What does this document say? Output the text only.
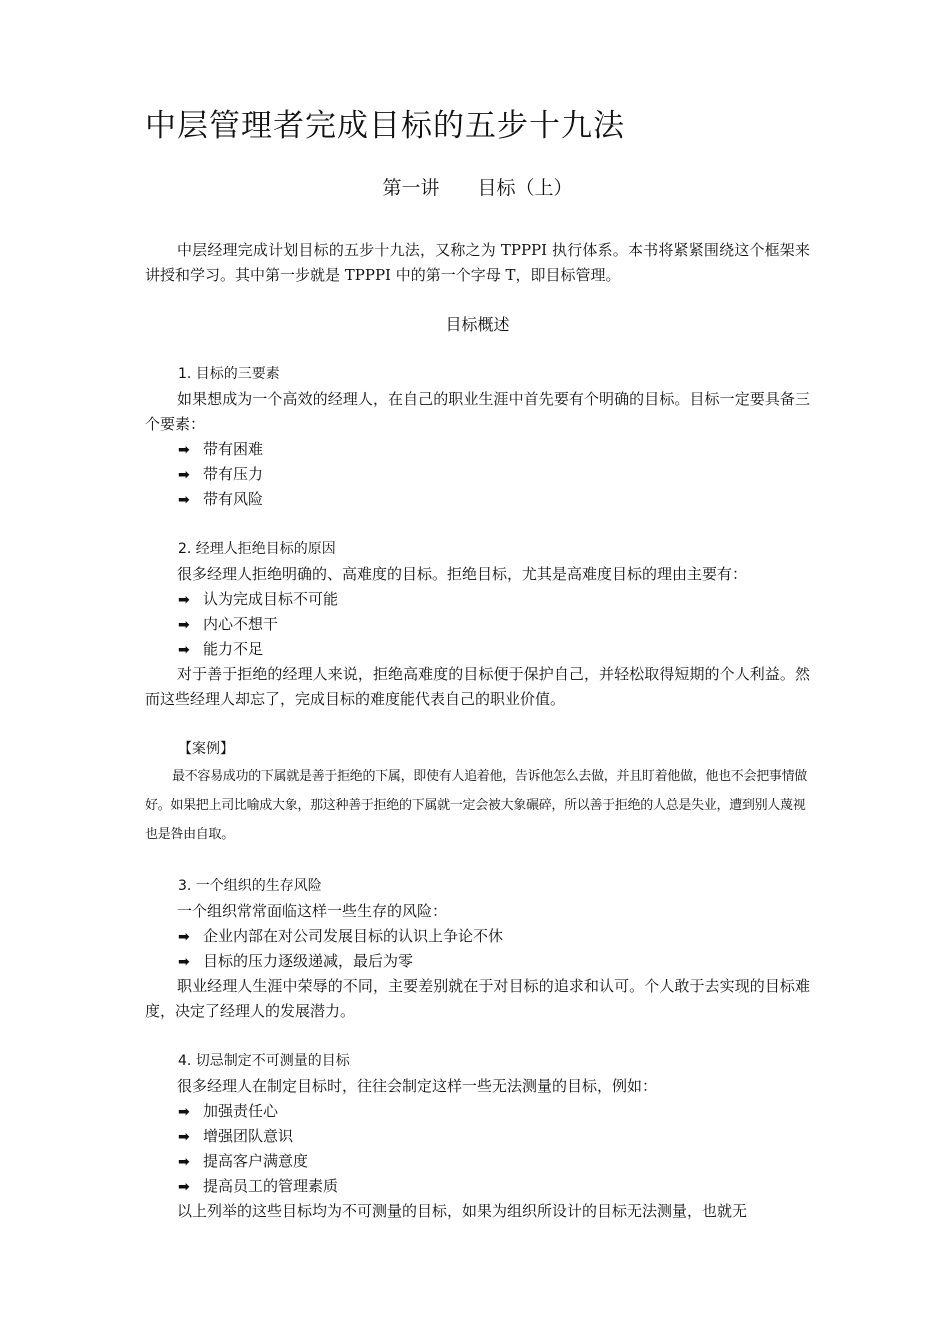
中层管理者完成目标的五步十九法
第一讲　　目标（上）

中层经理完成计划目标的五步十九法，又称之为 TPPPI 执行体系。本书将紧紧围绕这个框架来讲授和学习。其中第一步就是 TPPPI 中的第一个字母 T，即目标管理。

目标概述
1. 目标的三要素

如果想成为一个高效的经理人，在自己的职业生涯中首先要有个明确的目标。目标一定要具备三个要素：

➡ 带有困难
➡ 带有压力
➡ 带有风险
2. 经理人拒绝目标的原因

很多经理人拒绝明确的、高难度的目标。拒绝目标，尤其是高难度目标的理由主要有：

➡ 认为完成目标不可能
➡ 内心不想干
➡ 能力不足

对于善于拒绝的经理人来说，拒绝高难度的目标便于保护自己，并轻松取得短期的个人利益。然而这些经理人却忘了，完成目标的难度能代表自己的职业价值。

【案例】

最不容易成功的下属就是善于拒绝的下属，即使有人追着他，告诉他怎么去做，并且盯着他做，他也不会把事情做好。如果把上司比喻成大象，那这种善于拒绝的下属就一定会被大象碾碎，所以善于拒绝的人总是失业，遭到别人蔑视也是咎由自取。

3. 一个组织的生存风险

一个组织常常面临这样一些生存的风险：

➡ 企业内部在对公司发展目标的认识上争论不休
➡ 目标的压力逐级递减，最后为零

职业经理人生涯中荣辱的不同，主要差别就在于对目标的追求和认可。个人敢于去实现的目标难度，决定了经理人的发展潜力。

4. 切忌制定不可测量的目标

很多经理人在制定目标时，往往会制定这样一些无法测量的目标，例如：

➡ 加强责任心
➡ 增强团队意识
➡ 提高客户满意度
➡ 提高员工的管理素质

以上列举的这些目标均为不可测量的目标，如果为组织所设计的目标无法测量，也就无
